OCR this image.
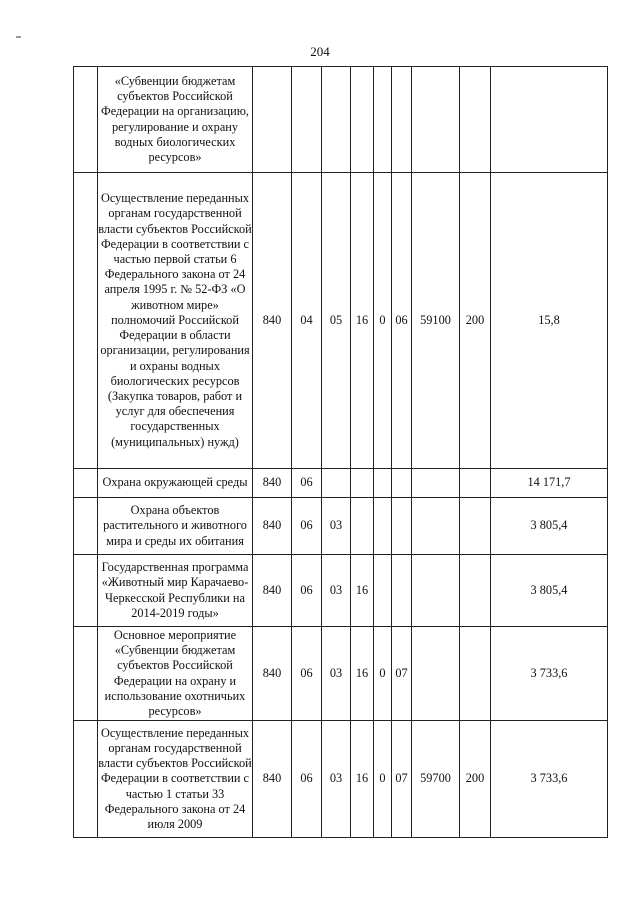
204
	«Субвенции бюджетам субъектов Российской Федерации на организацию, регулирование и охрану водных биологических ресурсов»									
	Осуществление переданных органам государственной власти субъектов Российской Федерации в соответствии с частью первой статьи 6 Федерального закона от 24 апреля 1995 г. № 52-ФЗ «О животном мире» полномочий Российской Федерации в области организации, регулирования и охраны водных биологических ресурсов (Закупка товаров, работ и услуг для обеспечения государственных (муниципальных) нужд)	840	04	05	16	0	06	59100	200	15,8
	Охрана окружающей среды	840	06							14 171,7
	Охрана объектов растительного и животного мира и среды их обитания	840	06	03						3 805,4
	Государственная программа «Животный мир Карачаево-Черкесской Республики на 2014-2019 годы»	840	06	03	16					3 805,4
	Основное мероприятие «Субвенции бюджетам субъектов Российской Федерации на охрану и использование охотничьих ресурсов»	840	06	03	16	0	07			3 733,6
	Осуществление переданных органам государственной власти субъектов Российской Федерации в соответствии с частью 1 статьи 33 Федерального закона от 24 июля 2009	840	06	03	16	0	07	59700	200	3 733,6
